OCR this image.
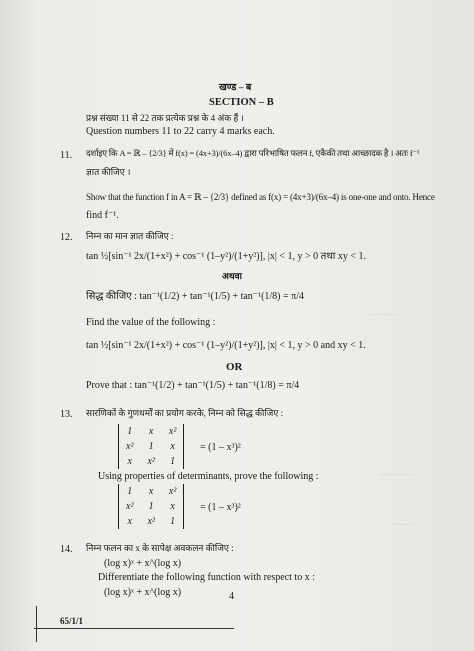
खण्ड – ब
SECTION – B
प्रश्न संख्या 11 से 22 तक प्रत्येक प्रश्न के 4 अंक हैं ।
Question numbers 11 to 22 carry 4 marks each.
11. दर्शाइए कि A = ℝ – {2/3} में f(x) = (4x+3)/(6x–4) द्वारा परिभाषित फलन f, एकैकी तथा आच्छादक है । अतः f⁻¹
ज्ञात कीजिए ।
Show that the function f in A = ℝ – {2/3} defined as f(x) = (4x+3)/(6x–4) is one-one and onto. Hence
find f⁻¹.
12. निम्न का मान ज्ञात कीजिए :
tan ½[sin⁻¹ 2x/(1+x²) + cos⁻¹ (1–y²)/(1+y²)], |x| < 1, y > 0 तथा xy < 1.
अथवा
सिद्ध कीजिए : tan⁻¹(1/2) + tan⁻¹(1/5) + tan⁻¹(1/8) = π/4
Find the value of the following :
tan ½[sin⁻¹ 2x/(1+x²) + cos⁻¹ (1–y²)/(1+y²)], |x| < 1, y > 0 and xy < 1.
OR
Prove that : tan⁻¹(1/2) + tan⁻¹(1/5) + tan⁻¹(1/8) = π/4
13. सारणिकों के गुणधर्मों का प्रयोग करके, निम्न को सिद्ध कीजिए :
1	x	x²
x²	1	x
x	x²	1
= (1 – x³)²
Using properties of determinants, prove the following :
1	x	x²
x²	1	x
x	x²	1
= (1 – x³)²
14. निम्न फलन का x के सापेक्ष अवकलन कीजिए :
(log x)ˣ + x^(log x)
Differentiate the following function with respect to x :
(log x)ˣ + x^(log x)
65/1/1
4
— — —
— — — —
— — —
